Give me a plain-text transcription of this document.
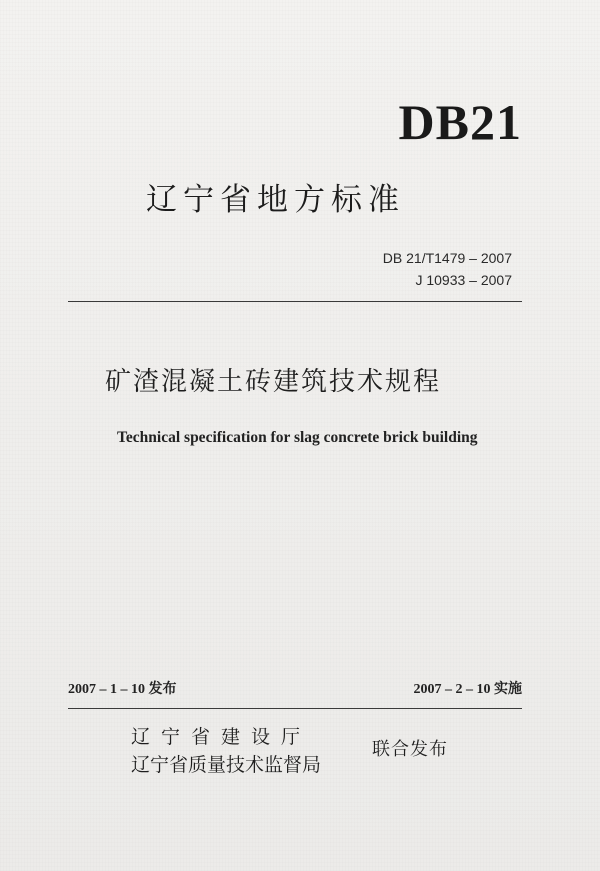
DB21
辽宁省地方标准
DB 21/T1479 – 2007
J 10933 – 2007
矿渣混凝土砖建筑技术规程
Technical specification for slag concrete brick building
2007 – 1 – 10 发布	2007 – 2 – 10 实施
辽宁省建设厅
辽宁省质量技术监督局
联合发布
